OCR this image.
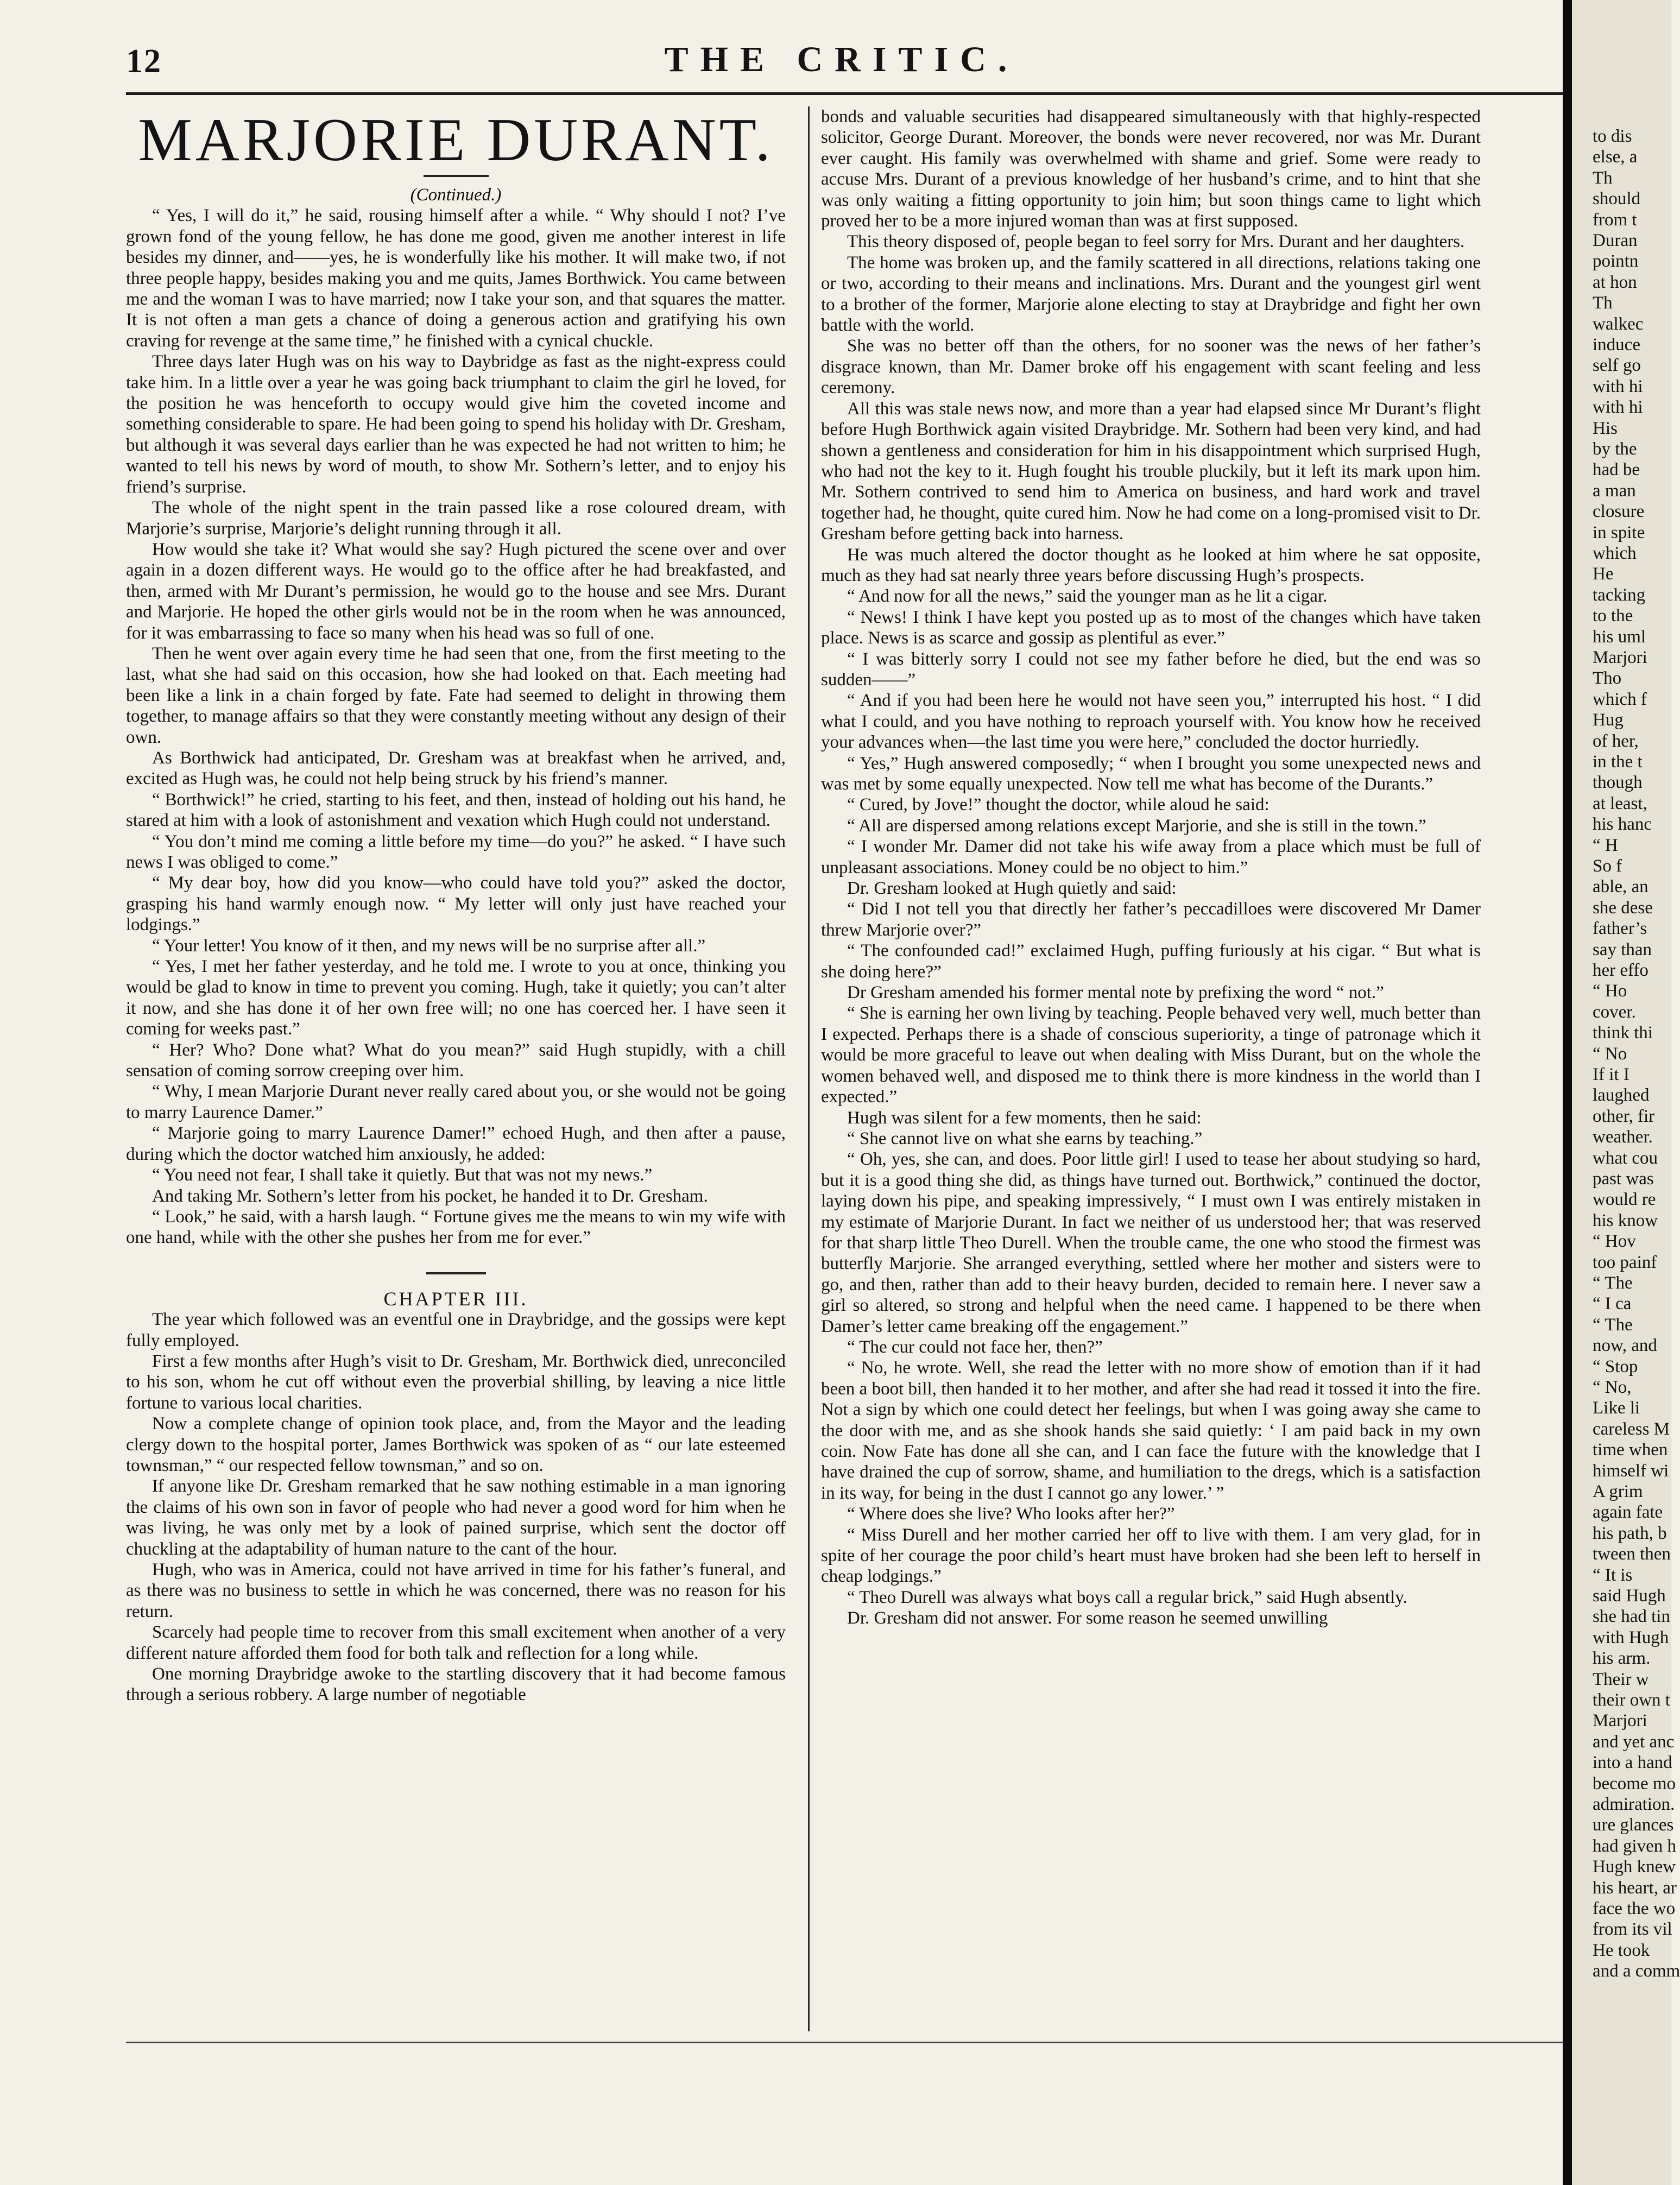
12	THE CRITIC.

MARJORIE DURANT.

(Continued.)

“ Yes, I will do it,” he said, rousing himself after a while. “ Why should I not? I’ve grown fond of the young fellow, he has done me good, given me another interest in life besides my dinner, and——yes, he is wonderfully like his mother. It will make two, if not three people happy, besides making you and me quits, James Borthwick. You came between me and the woman I was to have married; now I take your son, and that squares the matter. It is not often a man gets a chance of doing a generous action and gratifying his own craving for revenge at the same time,” he finished with a cynical chuckle.

Three days later Hugh was on his way to Daybridge as fast as the night-express could take him. In a little over a year he was going back triumphant to claim the girl he loved, for the position he was henceforth to occupy would give him the coveted income and something considerable to spare. He had been going to spend his holiday with Dr. Gresham, but although it was several days earlier than he was expected he had not written to him; he wanted to tell his news by word of mouth, to show Mr. Sothern’s letter, and to enjoy his friend’s surprise.

The whole of the night spent in the train passed like a rose coloured dream, with Marjorie’s surprise, Marjorie’s delight running through it all.

How would she take it? What would she say? Hugh pictured the scene over and over again in a dozen different ways. He would go to the office after he had breakfasted, and then, armed with Mr Durant’s permission, he would go to the house and see Mrs. Durant and Marjorie. He hoped the other girls would not be in the room when he was announced, for it was embarrassing to face so many when his head was so full of one.

Then he went over again every time he had seen that one, from the first meeting to the last, what she had said on this occasion, how she had looked on that. Each meeting had been like a link in a chain forged by fate. Fate had seemed to delight in throwing them together, to manage affairs so that they were constantly meeting without any design of their own.

As Borthwick had anticipated, Dr. Gresham was at breakfast when he arrived, and, excited as Hugh was, he could not help being struck by his friend’s manner.

“ Borthwick!” he cried, starting to his feet, and then, instead of holding out his hand, he stared at him with a look of astonishment and vexation which Hugh could not understand.

“ You don’t mind me coming a little before my time—do you?” he asked. “ I have such news I was obliged to come.”

“ My dear boy, how did you know—who could have told you?” asked the doctor, grasping his hand warmly enough now. “ My letter will only just have reached your lodgings.”

“ Your letter! You know of it then, and my news will be no surprise after all.”

“ Yes, I met her father yesterday, and he told me. I wrote to you at once, thinking you would be glad to know in time to prevent you coming. Hugh, take it quietly; you can’t alter it now, and she has done it of her own free will; no one has coerced her. I have seen it coming for weeks past.”

“ Her? Who? Done what? What do you mean?” said Hugh stupidly, with a chill sensation of coming sorrow creeping over him.

“ Why, I mean Marjorie Durant never really cared about you, or she would not be going to marry Laurence Damer.”

“ Marjorie going to marry Laurence Damer!” echoed Hugh, and then after a pause, during which the doctor watched him anxiously, he added:

“ You need not fear, I shall take it quietly. But that was not my news.”

And taking Mr. Sothern’s letter from his pocket, he handed it to Dr. Gresham.

“ Look,” he said, with a harsh laugh. “ Fortune gives me the means to win my wife with one hand, while with the other she pushes her from me for ever.”

CHAPTER III.

The year which followed was an eventful one in Draybridge, and the gossips were kept fully employed.

First a few months after Hugh’s visit to Dr. Gresham, Mr. Borthwick died, unreconciled to his son, whom he cut off without even the proverbial shilling, by leaving a nice little fortune to various local charities.

Now a complete change of opinion took place, and, from the Mayor and the leading clergy down to the hospital porter, James Borthwick was spoken of as “ our late esteemed townsman,” “ our respected fellow townsman,” and so on.

If anyone like Dr. Gresham remarked that he saw nothing estimable in a man ignoring the claims of his own son in favor of people who had never a good word for him when he was living, he was only met by a look of pained surprise, which sent the doctor off chuckling at the adaptability of human nature to the cant of the hour.

Hugh, who was in America, could not have arrived in time for his father’s funeral, and as there was no business to settle in which he was concerned, there was no reason for his return.

Scarcely had people time to recover from this small excitement when another of a very different nature afforded them food for both talk and reflection for a long while.

One morning Draybridge awoke to the startling discovery that it had become famous through a serious robbery. A large number of negotiable

bonds and valuable securities had disappeared simultaneously with that highly-respected solicitor, George Durant. Moreover, the bonds were never recovered, nor was Mr. Durant ever caught. His family was overwhelmed with shame and grief. Some were ready to accuse Mrs. Durant of a previous knowledge of her husband’s crime, and to hint that she was only waiting a fitting opportunity to join him; but soon things came to light which proved her to be a more injured woman than was at first supposed.

This theory disposed of, people began to feel sorry for Mrs. Durant and her daughters.

The home was broken up, and the family scattered in all directions, relations taking one or two, according to their means and inclinations. Mrs. Durant and the youngest girl went to a brother of the former, Marjorie alone electing to stay at Draybridge and fight her own battle with the world.

She was no better off than the others, for no sooner was the news of her father’s disgrace known, than Mr. Damer broke off his engagement with scant feeling and less ceremony.

All this was stale news now, and more than a year had elapsed since Mr Durant’s flight before Hugh Borthwick again visited Draybridge. Mr. Sothern had been very kind, and had shown a gentleness and consideration for him in his disappointment which surprised Hugh, who had not the key to it. Hugh fought his trouble pluckily, but it left its mark upon him. Mr. Sothern contrived to send him to America on business, and hard work and travel together had, he thought, quite cured him. Now he had come on a long-promised visit to Dr. Gresham before getting back into harness.

He was much altered the doctor thought as he looked at him where he sat opposite, much as they had sat nearly three years before discussing Hugh’s prospects.

“ And now for all the news,” said the younger man as he lit a cigar.

“ News! I think I have kept you posted up as to most of the changes which have taken place. News is as scarce and gossip as plentiful as ever.”

“ I was bitterly sorry I could not see my father before he died, but the end was so sudden——”

“ And if you had been here he would not have seen you,” interrupted his host. “ I did what I could, and you have nothing to reproach yourself with. You know how he received your advances when—the last time you were here,” concluded the doctor hurriedly.

“ Yes,” Hugh answered composedly; “ when I brought you some unexpected news and was met by some equally unexpected. Now tell me what has become of the Durants.”

“ Cured, by Jove!” thought the doctor, while aloud he said:

“ All are dispersed among relations except Marjorie, and she is still in the town.”

“ I wonder Mr. Damer did not take his wife away from a place which must be full of unpleasant associations. Money could be no object to him.”

Dr. Gresham looked at Hugh quietly and said:

“ Did I not tell you that directly her father’s peccadilloes were discovered Mr Damer threw Marjorie over?”

“ The confounded cad!” exclaimed Hugh, puffing furiously at his cigar. “ But what is she doing here?”

Dr Gresham amended his former mental note by prefixing the word “ not.”

“ She is earning her own living by teaching. People behaved very well, much better than I expected. Perhaps there is a shade of conscious superiority, a tinge of patronage which it would be more graceful to leave out when dealing with Miss Durant, but on the whole the women behaved well, and disposed me to think there is more kindness in the world than I expected.”

Hugh was silent for a few moments, then he said:

“ She cannot live on what she earns by teaching.”

“ Oh, yes, she can, and does. Poor little girl! I used to tease her about studying so hard, but it is a good thing she did, as things have turned out. Borthwick,” continued the doctor, laying down his pipe, and speaking impressively, “ I must own I was entirely mistaken in my estimate of Marjorie Durant. In fact we neither of us understood her; that was reserved for that sharp little Theo Durell. When the trouble came, the one who stood the firmest was butterfly Marjorie. She arranged everything, settled where her mother and sisters were to go, and then, rather than add to their heavy burden, decided to remain here. I never saw a girl so altered, so strong and helpful when the need came. I happened to be there when Damer’s letter came breaking off the engagement.”

“ The cur could not face her, then?”

“ No, he wrote. Well, she read the letter with no more show of emotion than if it had been a boot bill, then handed it to her mother, and after she had read it tossed it into the fire. Not a sign by which one could detect her feelings, but when I was going away she came to the door with me, and as she shook hands she said quietly: ‘ I am paid back in my own coin. Now Fate has done all she can, and I can face the future with the knowledge that I have drained the cup of sorrow, shame, and humiliation to the dregs, which is a satisfaction in its way, for being in the dust I cannot go any lower.’ ”

“ Where does she live? Who looks after her?”

“ Miss Durell and her mother carried her off to live with them. I am very glad, for in spite of her courage the poor child’s heart must have broken had she been left to herself in cheap lodgings.”

“ Theo Durell was always what boys call a regular brick,” said Hugh absently.

Dr. Gresham did not answer. For some reason he seemed unwilling

to dis
else, a
Th
should
from t
Duran
pointn
at hon
Th
walkec
induce
self go
with hi
with hi
His
by the
had be
a man
closure
in spite
which
He
tacking
to the
his uml
Marjori
Tho
which f
Hug
of her,
in the t
though
at least,
his hanc
“ H
So f
able, an
she dese
father’s
say than
her effo
“ Ho
cover.
think thi
“ No
If it I
laughed
other, fir
weather.
what cou
past was
would re
his know
“ Hov
too painf
“ The
“ I ca
“ The
now, and
“ Stop
“ No,
Like li
careless M
time when
himself wi
A grim
again fate
his path, b
tween then
“ It is
said Hugh
she had tin
with Hugh
his arm.
Their w
their own t
Marjori
and yet anc
into a hand
become mo
admiration.
ure glances
had given h
Hugh knew
his heart, ar
face the wo
from its vil
He took
and a comm
